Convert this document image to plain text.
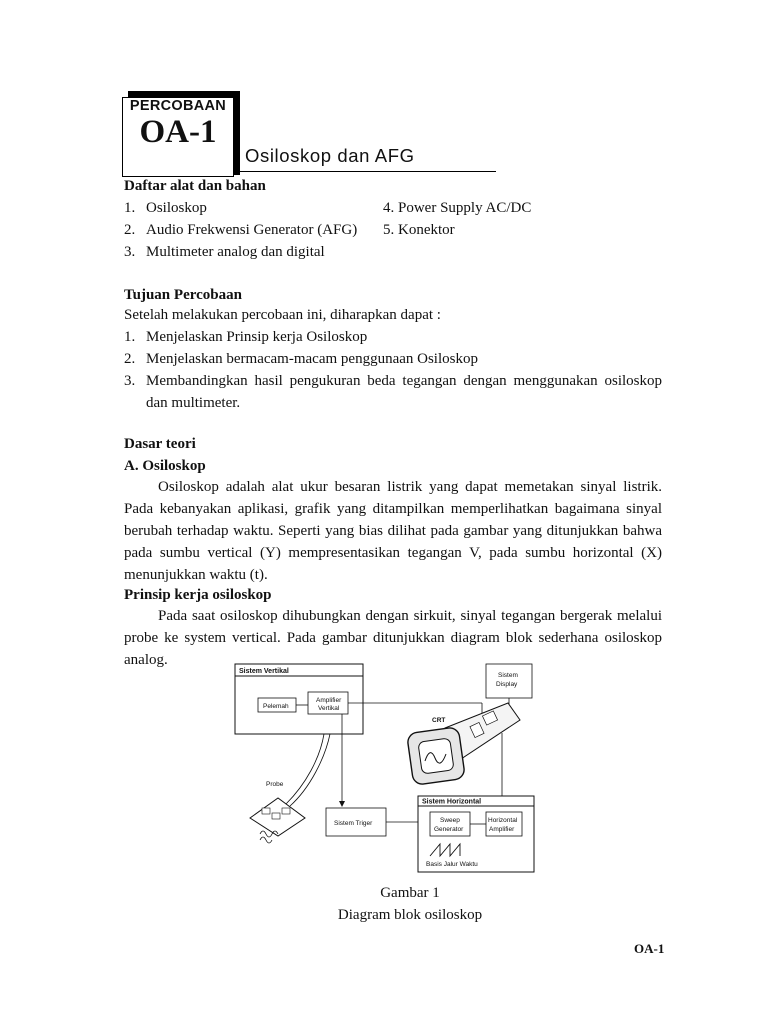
PERCOBAAN
OA-1
Osiloskop dan AFG
Daftar alat dan bahan
1. Osiloskop
2. Audio Frekwensi Generator (AFG)
3. Multimeter analog dan digital
4. Power Supply AC/DC
5. Konektor
Tujuan Percobaan
Setelah melakukan percobaan ini, diharapkan dapat :
1. Menjelaskan Prinsip kerja Osiloskop
2. Menjelaskan bermacam-macam penggunaan Osiloskop
3. Membandingkan hasil pengukuran beda tegangan dengan menggunakan osiloskop
dan multimeter.
Dasar teori
A. Osiloskop
Osiloskop adalah alat ukur besaran listrik yang dapat memetakan sinyal listrik.
Pada kebanyakan aplikasi, grafik yang ditampilkan memperlihatkan bagaimana sinyal
berubah terhadap waktu. Seperti yang bias dilihat pada gambar yang ditunjukkan bahwa
pada sumbu vertical (Y) mempresentasikan tegangan V, pada sumbu horizontal (X)
menunjukkan waktu (t).
Prinsip kerja osiloskop
Pada saat osiloskop dihubungkan dengan sirkuit, sinyal tegangan bergerak melalui
probe ke system vertical. Pada gambar ditunjukkan diagram blok sederhana osiloskop
analog.
Sistem Vertikal
Pelemah
Amplifier
Vertikal
Sistem
Display
CRT
Probe
Sistem Triger
Sistem Horizontal
Sweep
Generator
Horizontal
Amplifier
Basis Jalur Waktu
Gambar 1
Diagram blok osiloskop
OA-1
